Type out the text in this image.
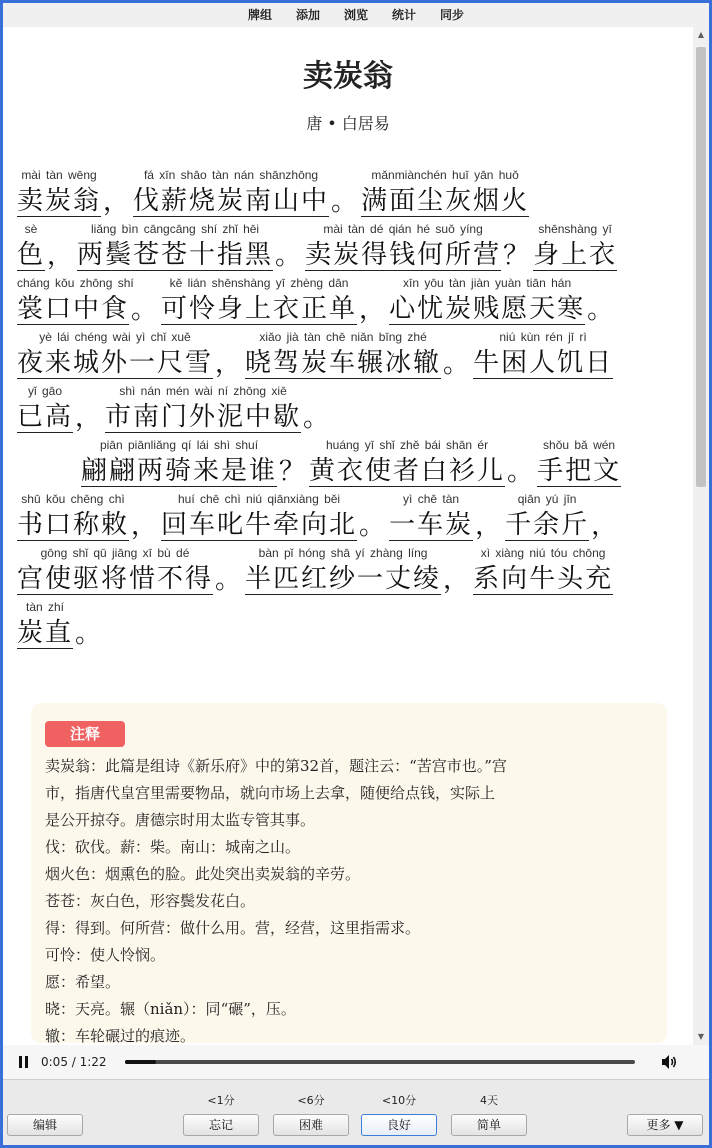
牌组	添加	浏览	统计	同步
卖炭翁
唐 • 白居易
mài tàn wēng
卖炭翁 ，
fá xīn shāo tàn nán shānzhōng
伐薪烧炭南山中 。
mǎnmiànchén huī yān huǒ
满面尘灰烟火
sè
色 ，
liǎng bìn cāngcāng shí zhǐ hēi
两鬓苍苍十指黑 。
mài tàn dé qián hé suǒ yíng
卖炭得钱何所营 ？
shēnshàng yī
身上衣
cháng kǒu zhōng shí
裳口中食 。
kě lián shēnshàng yī zhèng dān
可怜身上衣正单 ，
xīn yōu tàn jiàn yuàn tiān hán
心忧炭贱愿天寒 。
yè lái chéng wài yì chǐ xuě
夜来城外一尺雪 ，
xiǎo jià tàn chē niǎn bīng zhé
晓驾炭车辗冰辙 。
niú kùn rén jī rì
牛困人饥日
yǐ gāo
已高 ，
shì nán mén wài ní zhōng xiē
市南门外泥中歇 。
piān piānliǎng qí lái shì shuí
翩翩两骑来是谁 ？
huáng yī shǐ zhě bái shān ér
黄衣使者白衫儿 。
shǒu bǎ wén
手把文
shū kǒu chēng chì
书口称敕 ，
huí chē chì niú qiānxiàng běi
回车叱牛牵向北 。
yì chē tàn
一车炭 ，
qiān yú jīn
千余斤 ，
gōng shǐ qū jiāng xī bù dé
宫使驱将惜不得 。
bàn pǐ hóng shā yí zhàng líng
半匹红纱一丈绫 ，
xì xiàng niú tóu chōng
系向牛头充
tàn zhí
炭直 。
注释

卖炭翁：此篇是组诗《新乐府》中的第32首，题注云：“苦宫市也。”宫

市，指唐代皇宫里需要物品，就向市场上去拿，随便给点钱，实际上

是公开掠夺。唐德宗时用太监专管其事。

伐：砍伐。薪：柴。南山：城南之山。

烟火色：烟熏色的脸。此处突出卖炭翁的辛劳。

苍苍：灰白色，形容鬓发花白。

得：得到。何所营：做什么用。营，经营，这里指需求。

可怜：使人怜悯。

愿：希望。

晓：天亮。辗（niǎn）：同“碾”，压。

辙：车轮碾过的痕迹。

▲
▼
0:05 / 1:22
编辑
<1分	<6分	<10分	4天
忘记	困难	良好	简单	更多 ▼
